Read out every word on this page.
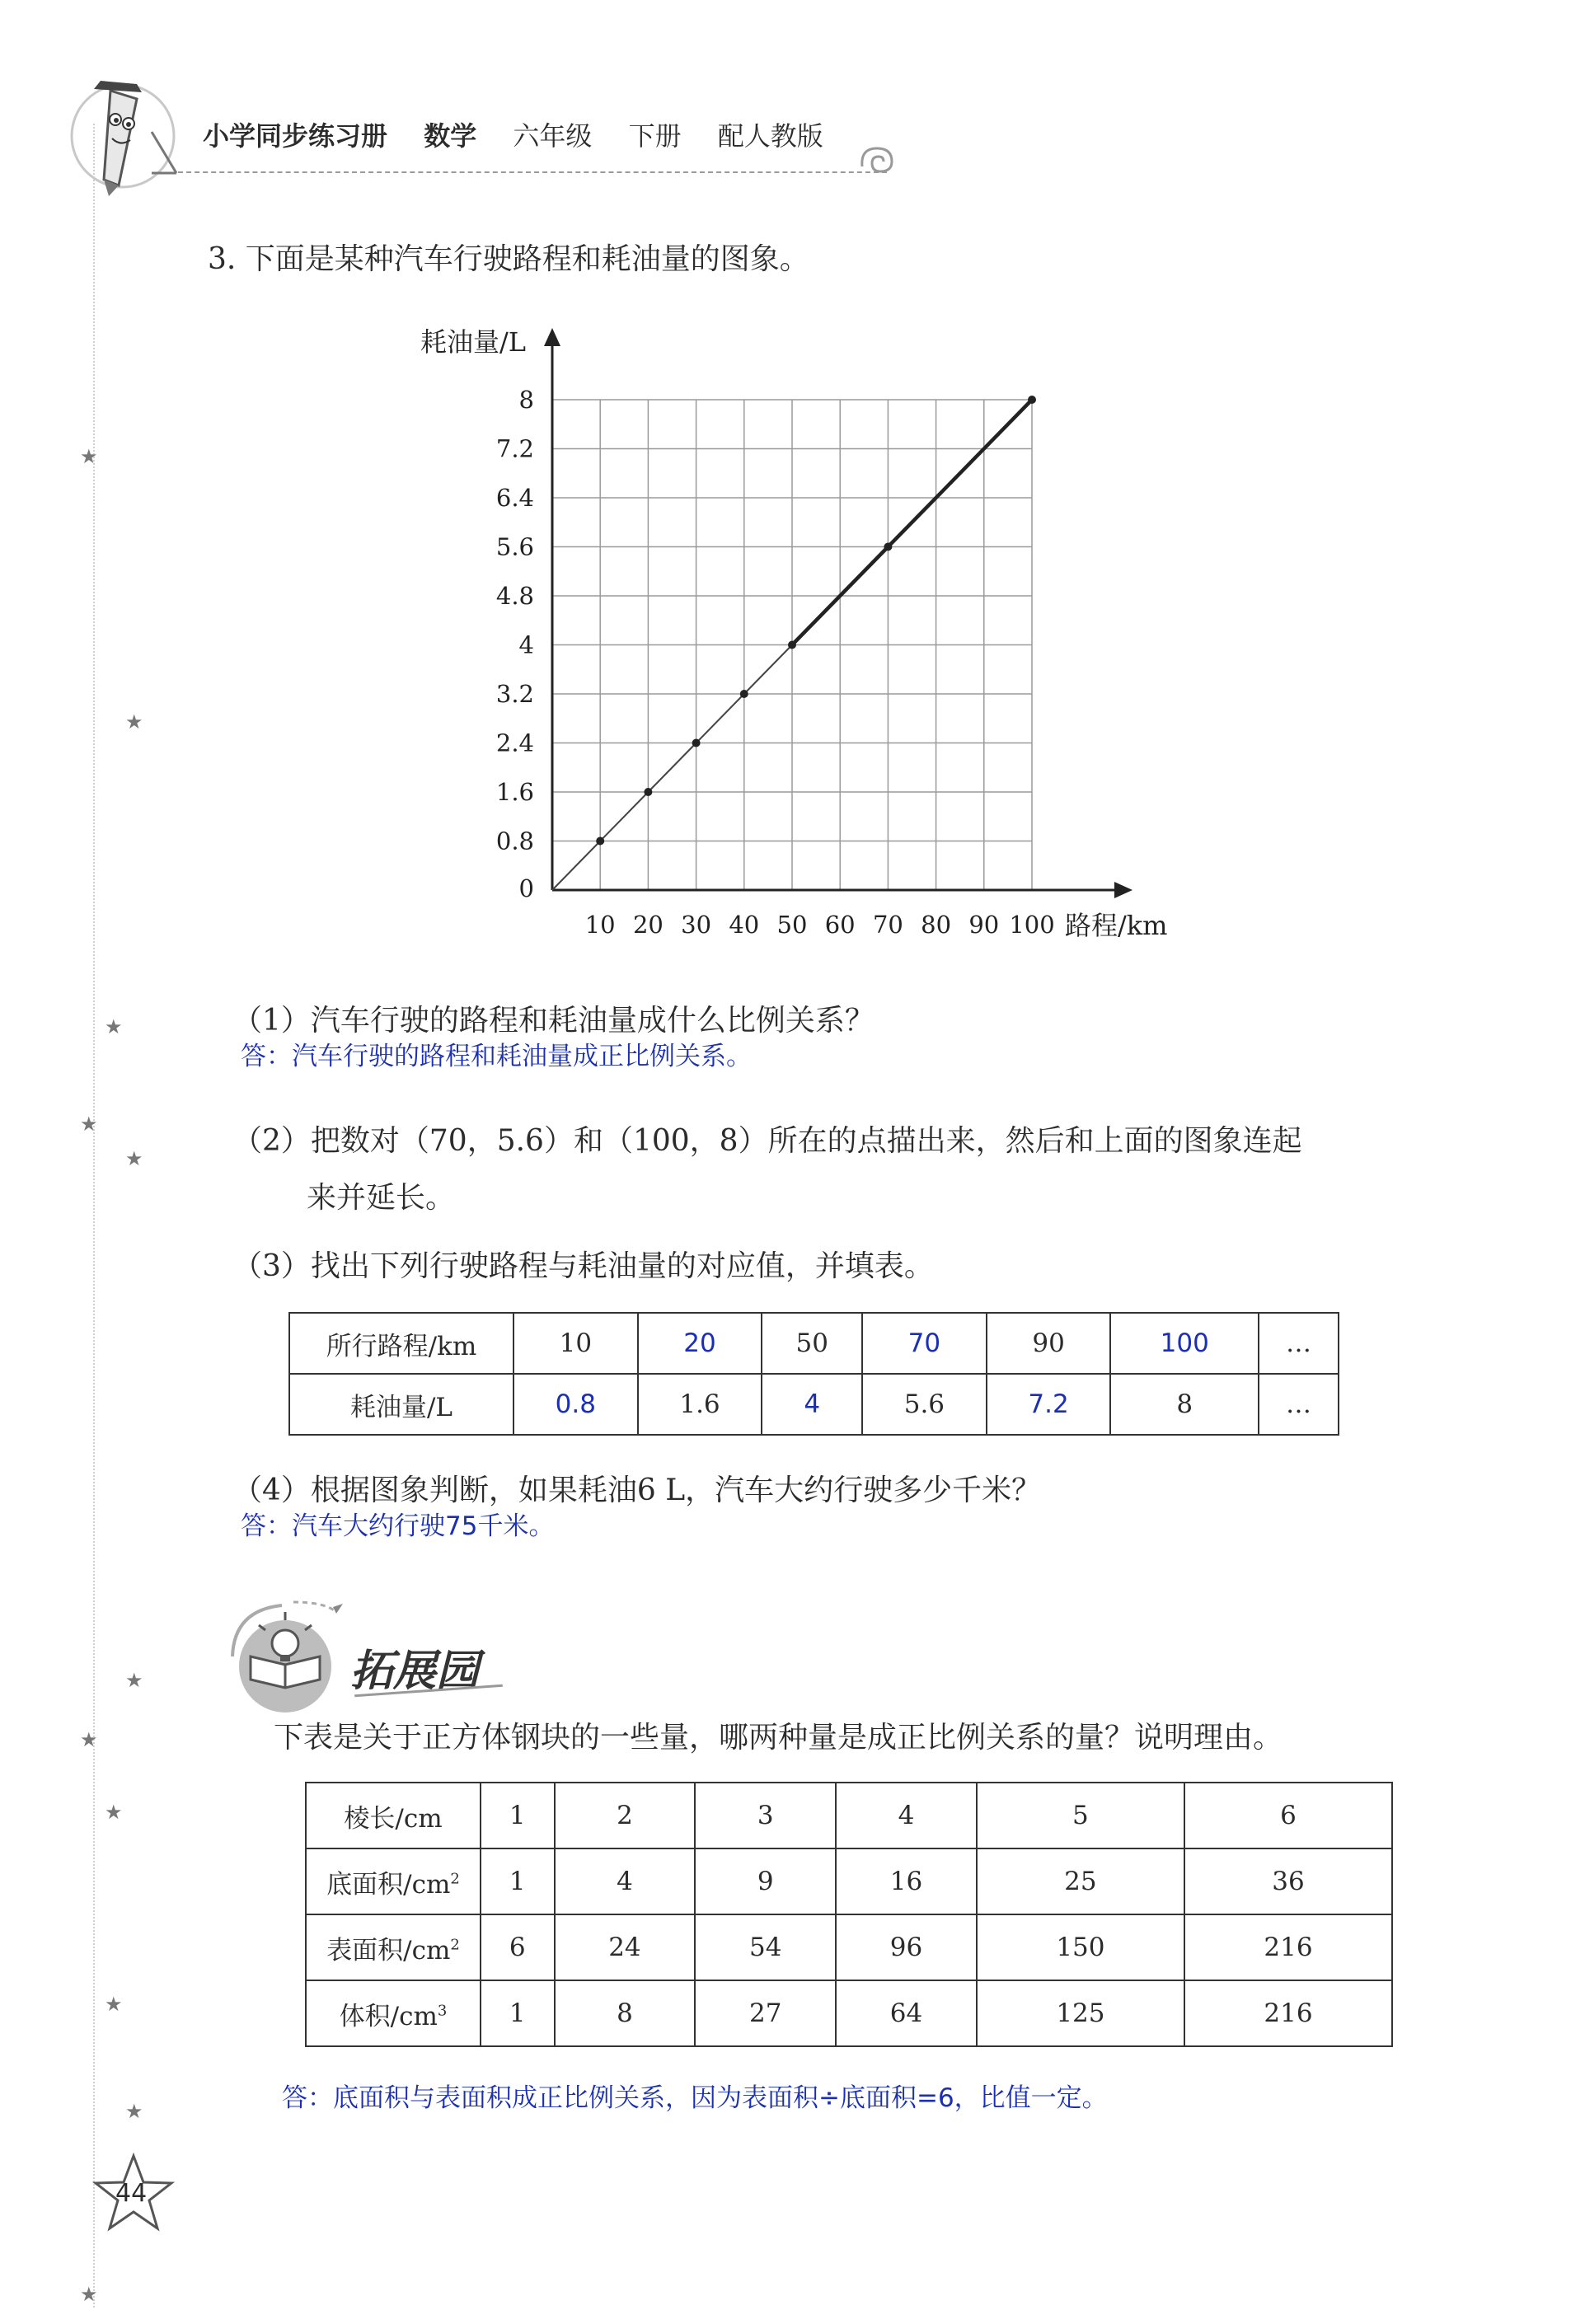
小学同步练习册 数学 六年级 下册 配人教版
★
★
★
★
★
★
★
★
★
★
★
3. 下面是某种汽车行驶路程和耗油量的图象。
10 20 30 40 50 60 70 80 90 100
0.8
1.6
2.4
3.2
4
4.8
5.6
6.4
7.2
8
0
耗油量/L
路程/km
（1）汽车行驶的路程和耗油量成什么比例关系？
答：汽车行驶的路程和耗油量成正比例关系。
（2）把数对（70，5.6）和（100，8）所在的点描出来，然后和上面的图象连起
来并延长。
（3）找出下列行驶路程与耗油量的对应值，并填表。
所行路程/km	10	20	50	70	90	100	…
耗油量/L	0.8	1.6	4	5.6	7.2	8	…
（4）根据图象判断，如果耗油6 L，汽车大约行驶多少千米？
答：汽车大约行驶75千米。
拓展园
下表是关于正方体钢块的一些量，哪两种量是成正比例关系的量？说明理由。
棱长/cm	1	2	3	4	5	6
底面积$/cm^2$	1	4	9	16	25	36
表面积$/cm^2$	6	24	54	96	150	216
体积$/cm^3$	1	8	27	64	125	216
答：底面积与表面积成正比例关系，因为表面积÷底面积=6，比值一定。
44
